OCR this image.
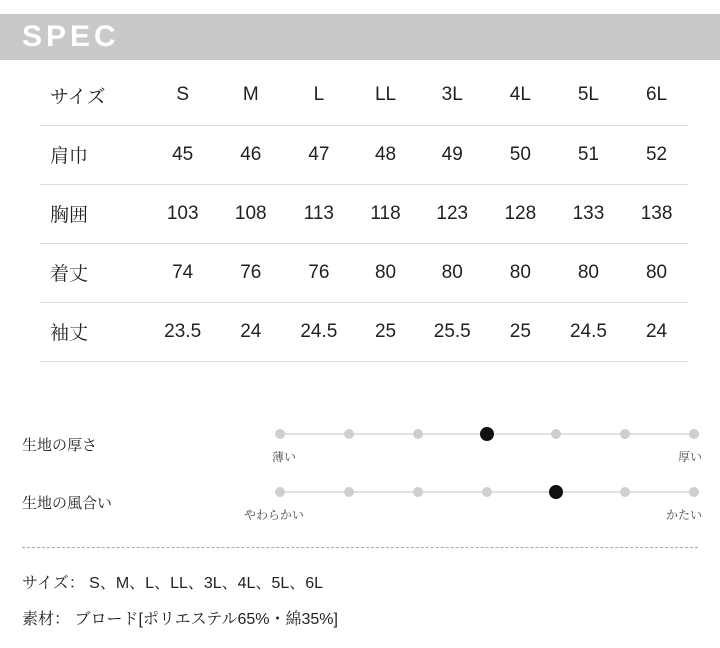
SPEC
サイズ	S	M	L	LL	3L	4L	5L	6L
肩巾	45	46	47	48	49	50	51	52
胸囲	103	108	113	118	123	128	133	138
着丈	74	76	76	80	80	80	80	80
袖丈	23.5	24	24.5	25	25.5	25	24.5	24
生地の厚さ
薄い	厚い
生地の風合い
やわらかい	かたい
サイズ： S、M、L、LL、3L、4L、5L、6L
素材： ブロード[ポリエステル65%・綿35%]
